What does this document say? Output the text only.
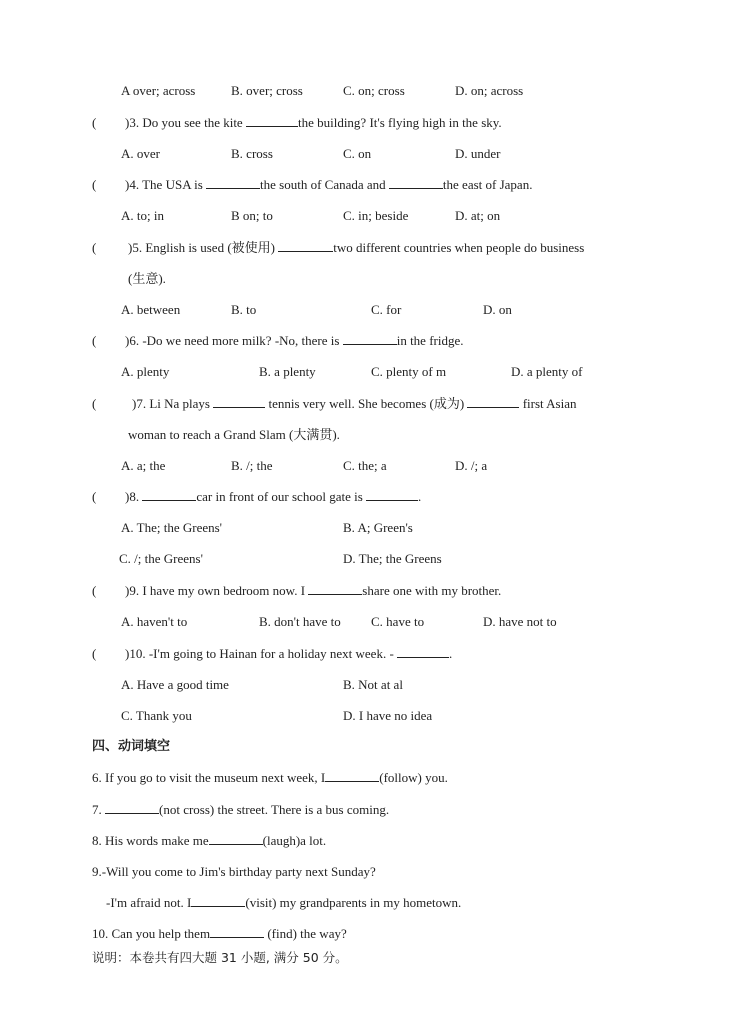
A over; across	B. over; cross	C. on; cross	D. on; across
( )3. Do you see the kite	the building? It's flying high in the sky.
A. over	B. cross	C. on	D. under
( )4. The USA is	the south of Canada and	the east of Japan.
A. to; in	B on; to	C. in; beside	D. at; on
( )5. English is used (被使用)	two different countries when people do business
(生意).
A. between	B. to	C. for	D. on
( )6. -Do we need more milk? -No, there is	in the fridge.
A. plenty	B. a plenty	C. plenty of m	D. a plenty of
(	)7. Li Na plays	tennis very well. She becomes (成为)	first Asian
woman to reach a Grand Slam (大满贯).
A. a; the	B. /; the	C. the; a	D. /; a
( )8.	car in front of our school gate is	.
A. The; the Greens'	B. A; Green's
C. /; the Greens'	D. The; the Greens
( )9. I have my own bedroom now. I	share one with my brother.
A. haven't to	B. don't have to C. have to	D. have not to
( )10. -I'm going to Hainan for a holiday next week. -	.
A. Have a good time	B. Not at al
C. Thank you	D. I have no idea
四、动词填空
6. If you go to visit the museum next week, I	(follow) you.
7.	(not cross) the street. There is a bus coming.
8. His words make me	(laugh)a lot.
9.-Will you come to Jim's birthday party next Sunday?
-I'm afraid not. I	(visit) my grandparents in my hometown.
10. Can you help them	(find) the way?
说明：本卷共有四大题 31 小题, 满分 50 分。
